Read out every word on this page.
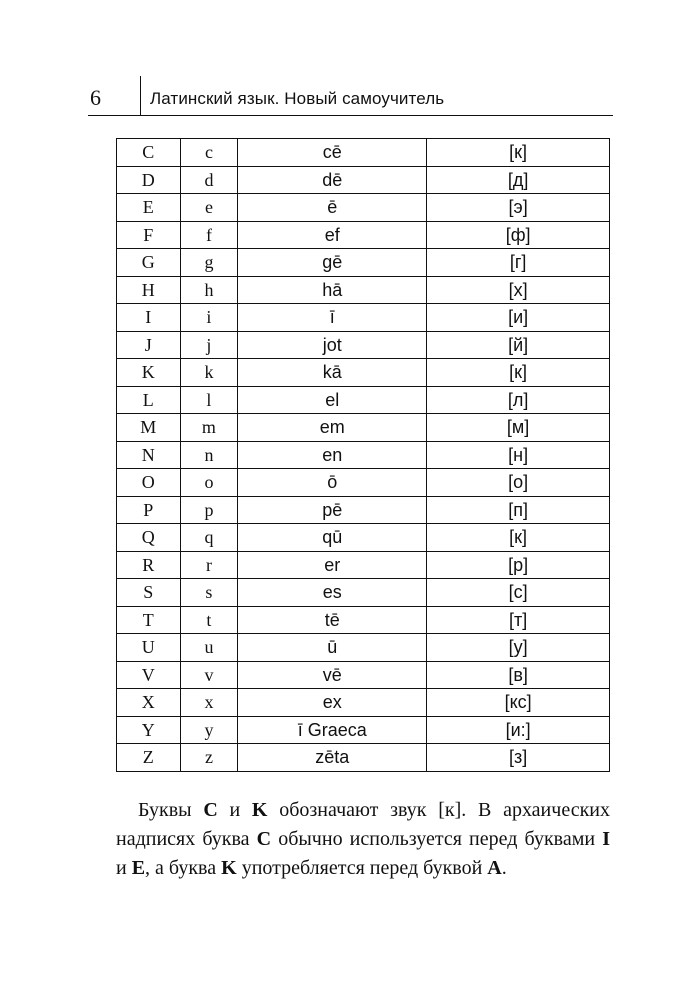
6	Латинский язык. Новый самоучитель
C	c	cē	[к]
D	d	dē	[д]
E	e	ē	[э]
F	f	ef	[ф]
G	g	gē	[г]
H	h	hā	[х]
I	i	ī	[и]
J	j	jot	[й]
K	k	kā	[к]
L	l	el	[л]
M	m	em	[м]
N	n	en	[н]
O	o	ō	[о]
P	p	pē	[п]
Q	q	qū	[к]
R	r	er	[р]
S	s	es	[с]
T	t	tē	[т]
U	u	ū	[у]
V	v	vē	[в]
X	x	ex	[кс]
Y	y	ī Graeca	[и:]
Z	z	zēta	[з]

Буквы C и K обозначают звук [к]. В архаических надписях буква C обычно используется перед буквами I и E, а буква K употребляется перед буквой A.
